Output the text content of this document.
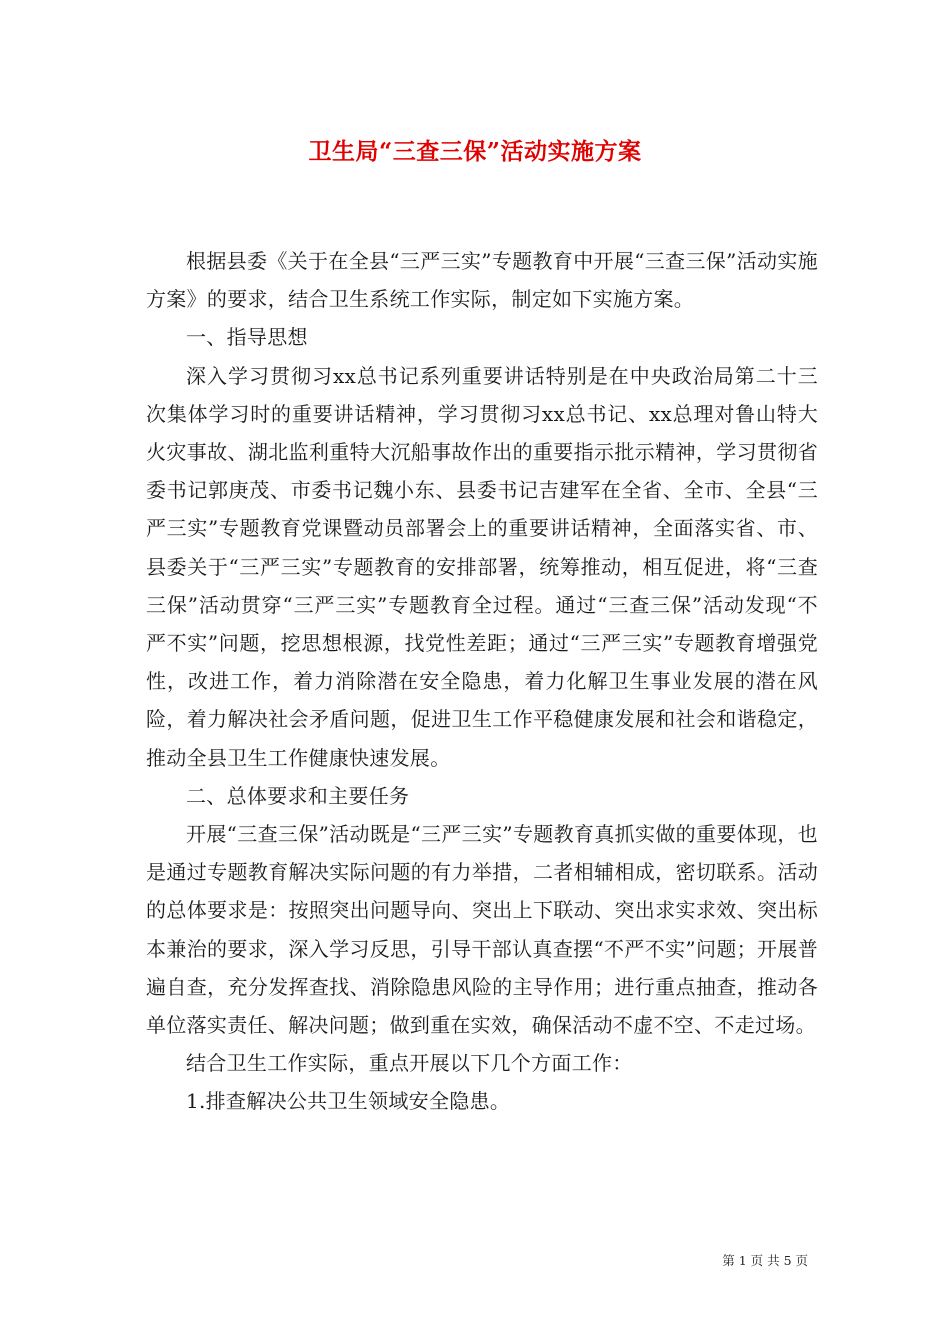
卫生局“三查三保”活动实施方案

根据县委《关于在全县“三严三实”专题教育中开展“三查三保”活动实施方案》的要求，结合卫生系统工作实际，制定如下实施方案。

一、指导思想

深入学习贯彻习xx总书记系列重要讲话特别是在中央政治局第二十三次集体学习时的重要讲话精神，学习贯彻习xx总书记、xx总理对鲁山特大火灾事故、湖北监利重特大沉船事故作出的重要指示批示精神，学习贯彻省委书记郭庚茂、市委书记魏小东、县委书记吉建军在全省、全市、全县“三严三实”专题教育党课暨动员部署会上的重要讲话精神，全面落实省、市、县委关于“三严三实”专题教育的安排部署，统筹推动，相互促进，将“三查三保”活动贯穿“三严三实”专题教育全过程。通过“三查三保”活动发现“不严不实”问题，挖思想根源，找党性差距；通过“三严三实”专题教育增强党性，改进工作，着力消除潜在安全隐患，着力化解卫生事业发展的潜在风险，着力解决社会矛盾问题，促进卫生工作平稳健康发展和社会和谐稳定，推动全县卫生工作健康快速发展。

二、总体要求和主要任务

开展“三查三保”活动既是“三严三实”专题教育真抓实做的重要体现，也是通过专题教育解决实际问题的有力举措，二者相辅相成，密切联系。活动的总体要求是：按照突出问题导向、突出上下联动、突出求实求效、突出标本兼治的要求，深入学习反思，引导干部认真查摆“不严不实”问题；开展普遍自查，充分发挥查找、消除隐患风险的主导作用；进行重点抽查，推动各单位落实责任、解决问题；做到重在实效，确保活动不虚不空、不走过场。

结合卫生工作实际，重点开展以下几个方面工作：

1.排查解决公共卫生领域安全隐患。

第 1 页 共 5 页
